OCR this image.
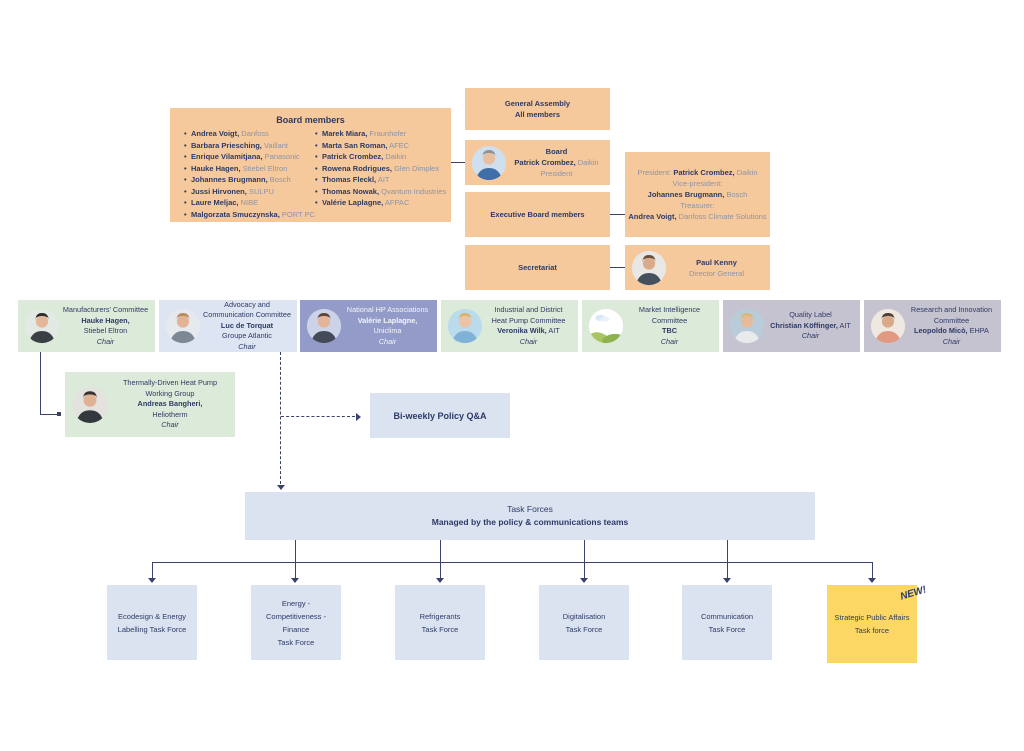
Board members
• Andrea Voigt, Danfoss
• Barbara Priesching, Vaillant
• Enrique Vilamitjana, Panasonic
• Hauke Hagen, Stiebel Eltron
• Johannes Brugmann, Bosch
• Jussi Hirvonen, SULPU
• Laure Meljac, NIBE
• Malgorzata Smuczynska, PORT PC
• Marek Miara, Fraunhofer
• Marta San Roman, AFEC
• Patrick Crombez, Daikin
• Rowena Rodrigues, Glen Dimplex
• Thomas Fleckl, AIT
• Thomas Nowak, Qvantum Industries
• Valérie Laplagne, AFPAC
General Assembly
All members
Board
Patrick Crombez, Daikin
President
Executive Board members
President: Patrick Crombez, Daikin
Vice-president:
Johannes Brugmann, Bosch
Treasurer:
Andrea Voigt, Danfoss Climate Solutions
Secretariat
Paul Kenny
Director General
Manufacturers' Committee
Hauke Hagen,
Stiebel Eltron
Chair
Advocacy and
Communication Committee
Luc de Torquat
Groupe Atlantic
Chair
National HP Associations
Valérie Laplagne,
Uniclima
Chair
Industrial and District
Heat Pump Committee
Veronika Wilk, AIT
Chair
Market Intelligence
Committee
TBC
Chair
Quality Label
Christian Köffinger, AIT
Chair
Research and Innovation
Committee
Leopoldo Micò, EHPA
Chair
Thermally-Driven Heat Pump
Working Group
Andreas Bangheri,
Heliotherm
Chair
Bi-weekly Policy Q&A
Task Forces
Managed by the policy & communications teams
Ecodesign & Energy
Labelling Task Force
Energy -
Competitiveness -
Finance
Task Force
Refrigerants
Task Force
Digitalisation
Task Force
Communication
Task Force
NEW!
Strategic Public Affairs
Task force
